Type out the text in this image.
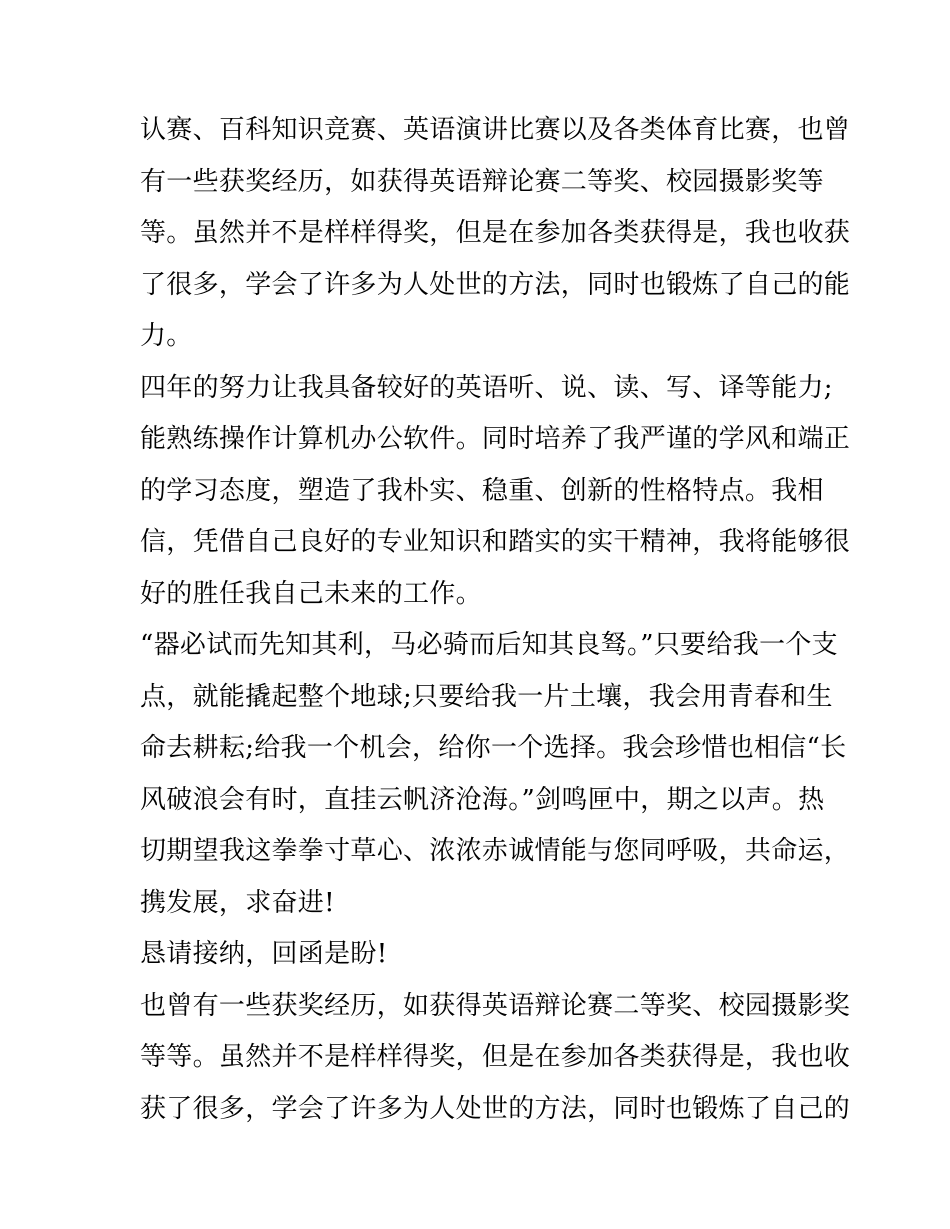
认赛、百科知识竞赛、英语演讲比赛以及各类体育比赛，也曾
有一些获奖经历，如获得英语辩论赛二等奖、校园摄影奖等
等。虽然并不是样样得奖，但是在参加各类获得是，我也收获
了很多，学会了许多为人处世的方法，同时也锻炼了自己的能
力。
四年的努力让我具备较好的英语听、说、读、写、译等能力;
能熟练操作计算机办公软件。同时培养了我严谨的学风和端正
的学习态度，塑造了我朴实、稳重、创新的性格特点。我相
信，凭借自己良好的专业知识和踏实的实干精神，我将能够很
好的胜任我自己未来的工作。
“器必试而先知其利，马必骑而后知其良驽。”只要给我一个支
点，就能撬起整个地球;只要给我一片土壤，我会用青春和生
命去耕耘;给我一个机会，给你一个选择。我会珍惜也相信“长
风破浪会有时，直挂云帆济沧海。”剑鸣匣中，期之以声。热
切期望我这拳拳寸草心、浓浓赤诚情能与您同呼吸，共命运，
携发展，求奋进!
恳请接纳，回函是盼!
也曾有一些获奖经历，如获得英语辩论赛二等奖、校园摄影奖
等等。虽然并不是样样得奖，但是在参加各类获得是，我也收
获了很多，学会了许多为人处世的方法，同时也锻炼了自己的
